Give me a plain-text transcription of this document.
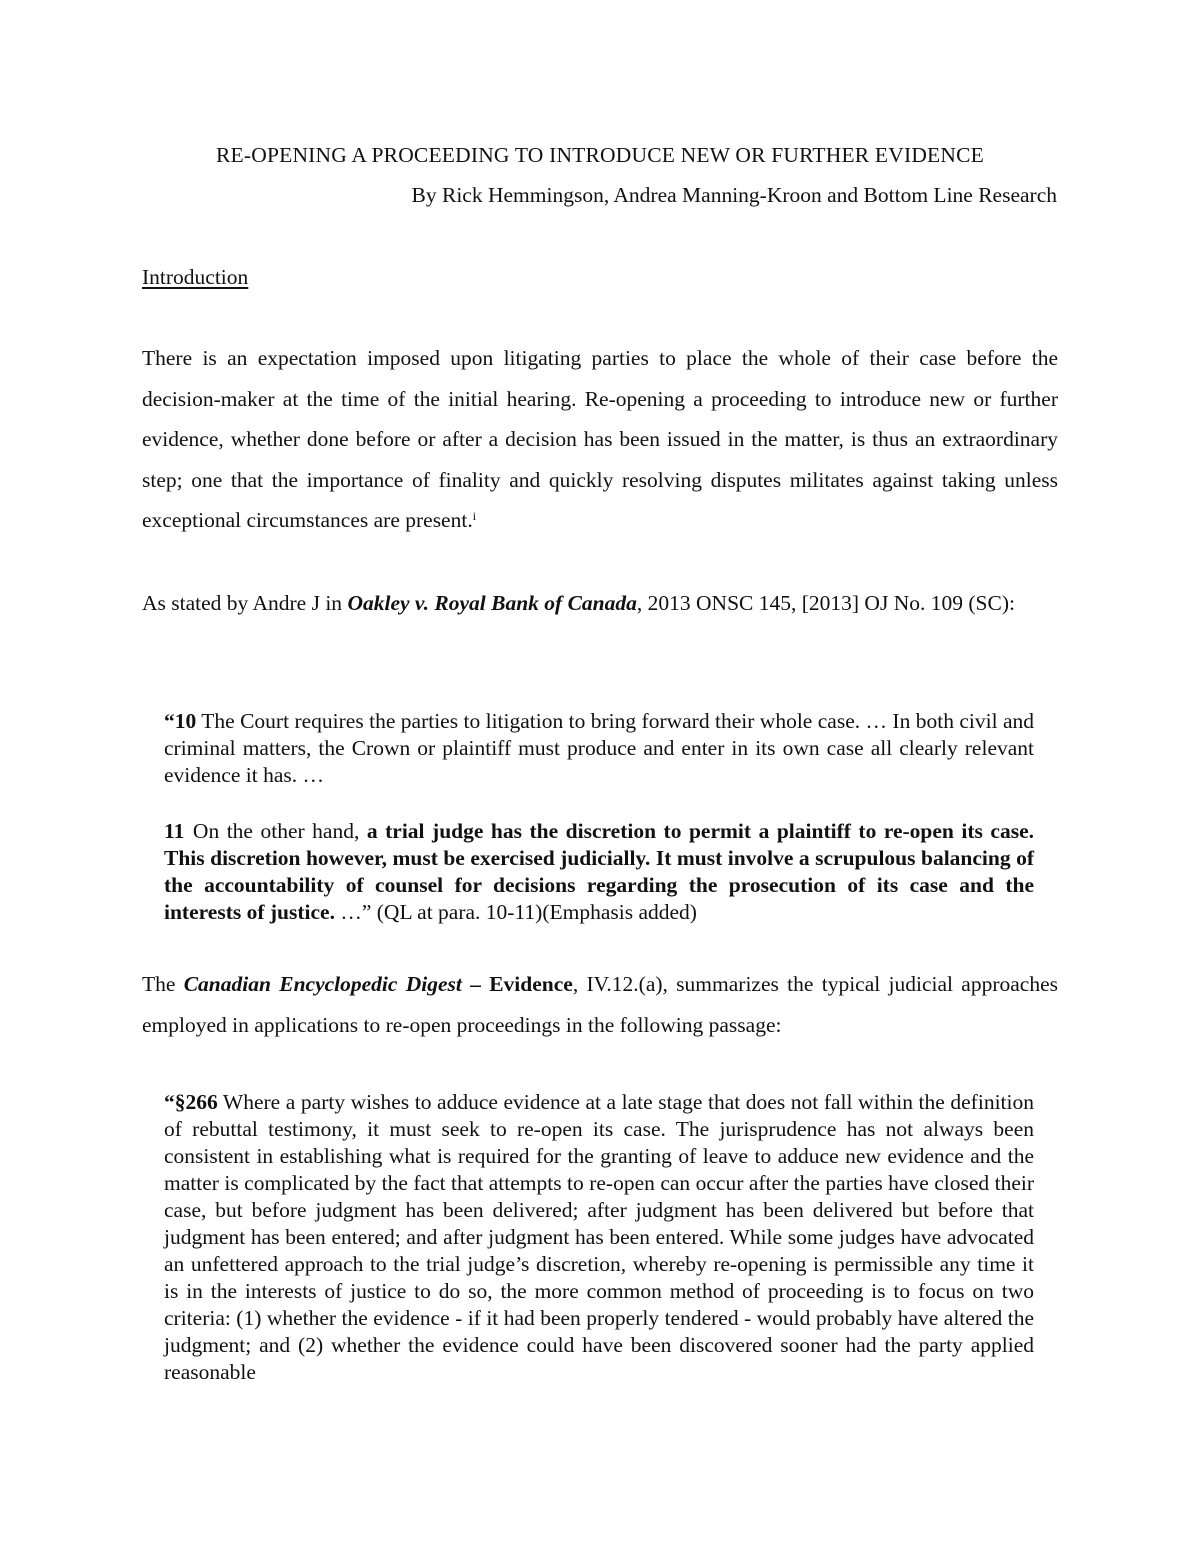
RE-OPENING A PROCEEDING TO INTRODUCE NEW OR FURTHER EVIDENCE

By Rick Hemmingson, Andrea Manning-Kroon and Bottom Line Research

Introduction

There is an expectation imposed upon litigating parties to place the whole of their case before the decision-maker at the time of the initial hearing. Re-opening a proceeding to introduce new or further evidence, whether done before or after a decision has been issued in the matter, is thus an extraordinary step; one that the importance of finality and quickly resolving disputes militates against taking unless exceptional circumstances are present.$^i$

As stated by Andre J in Oakley v. Royal Bank of Canada, 2013 ONSC 145, [2013] OJ No. 109 (SC):

“10 The Court requires the parties to litigation to bring forward their whole case. … In both civil and criminal matters, the Crown or plaintiff must produce and enter in its own case all clearly relevant evidence it has. …

11 On the other hand, a trial judge has the discretion to permit a plaintiff to re-open its case. This discretion however, must be exercised judicially. It must involve a scrupulous balancing of the accountability of counsel for decisions regarding the prosecution of its case and the interests of justice. …” (QL at para. 10-11)(Emphasis added)

The Canadian Encyclopedic Digest – Evidence, IV.12.(a), summarizes the typical judicial approaches employed in applications to re-open proceedings in the following passage:

“§266 Where a party wishes to adduce evidence at a late stage that does not fall within the definition of rebuttal testimony, it must seek to re-open its case. The jurisprudence has not always been consistent in establishing what is required for the granting of leave to adduce new evidence and the matter is complicated by the fact that attempts to re-open can occur after the parties have closed their case, but before judgment has been delivered; after judgment has been delivered but before that judgment has been entered; and after judgment has been entered. While some judges have advocated an unfettered approach to the trial judge’s discretion, whereby re-opening is permissible any time it is in the interests of justice to do so, the more common method of proceeding is to focus on two criteria: (1) whether the evidence - if it had been properly tendered - would probably have altered the judgment; and (2) whether the evidence could have been discovered sooner had the party applied reasonable
